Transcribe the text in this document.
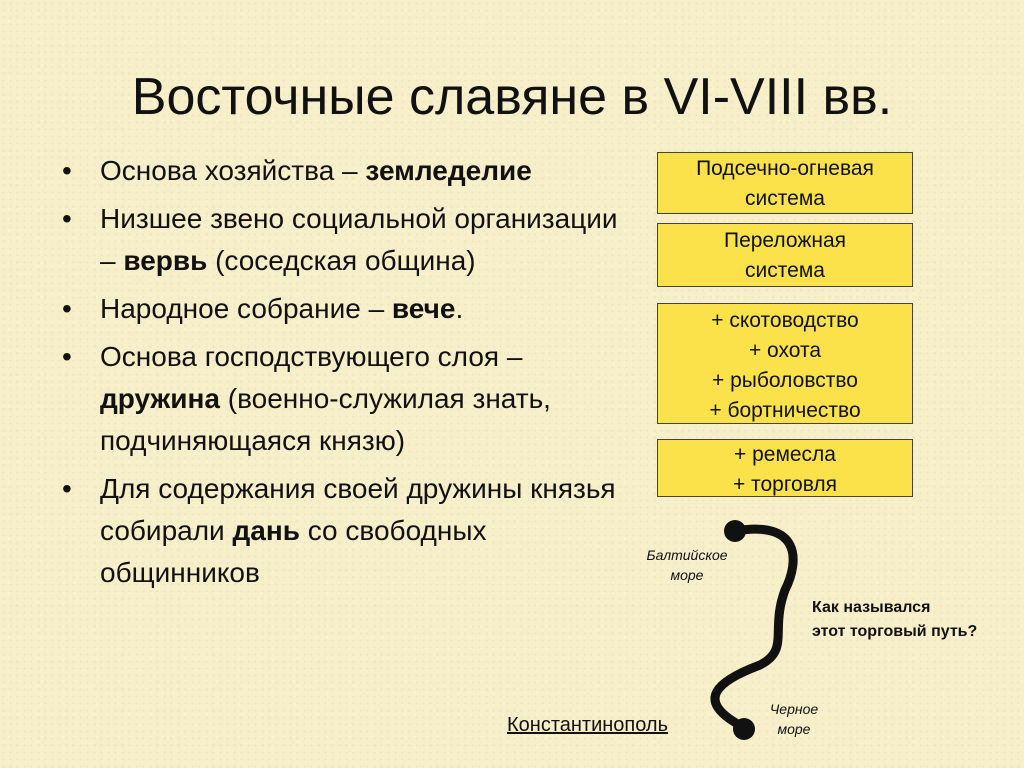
Восточные славяне в VI-VIII вв.
• Основа хозяйства – земледелие
• Низшее звено социальной организации – вервь (соседская община)
• Народное собрание – вече.
• Основа господствующего слоя – дружина (военно-служилая знать, подчиняющаяся князю)
• Для содержания своей дружины князья собирали дань со свободных общинников
Подсечно-огневая
система
Переложная
система
+ скотоводство
+ охота
+ рыболовство
+ бортничество
+ ремесла
+ торговля
Балтийское
море
Черное
море
Как назывался
этот торговый путь?
Константинополь
